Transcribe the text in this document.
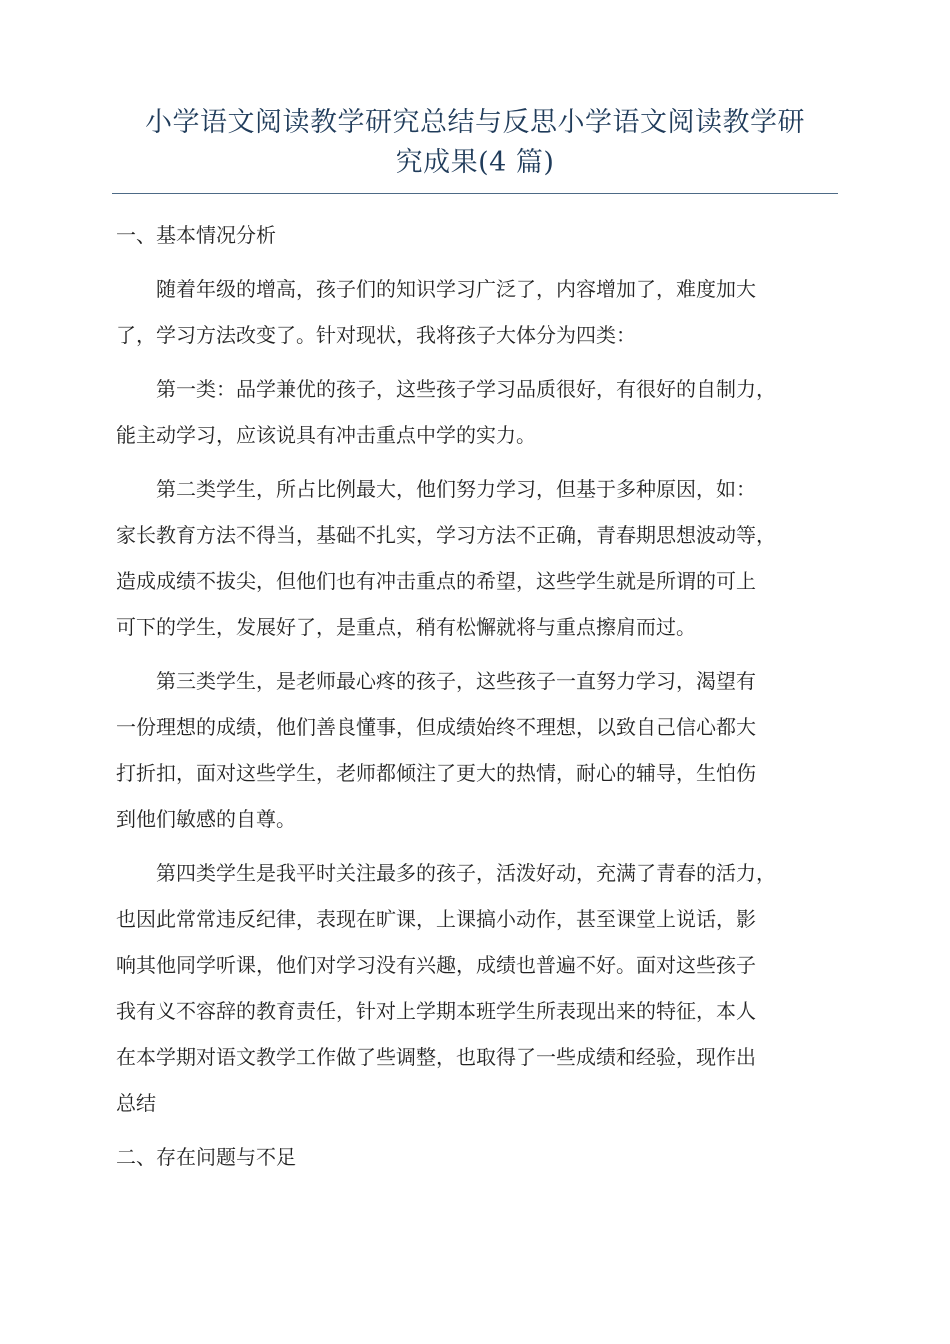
小学语文阅读教学研究总结与反思小学语文阅读教学研
究成果(4 篇)
一、基本情况分析
随着年级的增高，孩子们的知识学习广泛了，内容增加了，难度加大
了，学习方法改变了。针对现状，我将孩子大体分为四类：
第一类：品学兼优的孩子，这些孩子学习品质很好，有很好的自制力，
能主动学习，应该说具有冲击重点中学的实力。
第二类学生，所占比例最大，他们努力学习，但基于多种原因，如：
家长教育方法不得当，基础不扎实，学习方法不正确，青春期思想波动等，
造成成绩不拔尖，但他们也有冲击重点的希望，这些学生就是所谓的可上
可下的学生，发展好了，是重点，稍有松懈就将与重点擦肩而过。
第三类学生，是老师最心疼的孩子，这些孩子一直努力学习，渴望有
一份理想的成绩，他们善良懂事，但成绩始终不理想，以致自己信心都大
打折扣，面对这些学生，老师都倾注了更大的热情，耐心的辅导，生怕伤
到他们敏感的自尊。
第四类学生是我平时关注最多的孩子，活泼好动，充满了青春的活力，
也因此常常违反纪律，表现在旷课，上课搞小动作，甚至课堂上说话，影
响其他同学听课，他们对学习没有兴趣，成绩也普遍不好。面对这些孩子
我有义不容辞的教育责任，针对上学期本班学生所表现出来的特征，本人
在本学期对语文教学工作做了些调整，也取得了一些成绩和经验，现作出
总结
二、存在问题与不足
